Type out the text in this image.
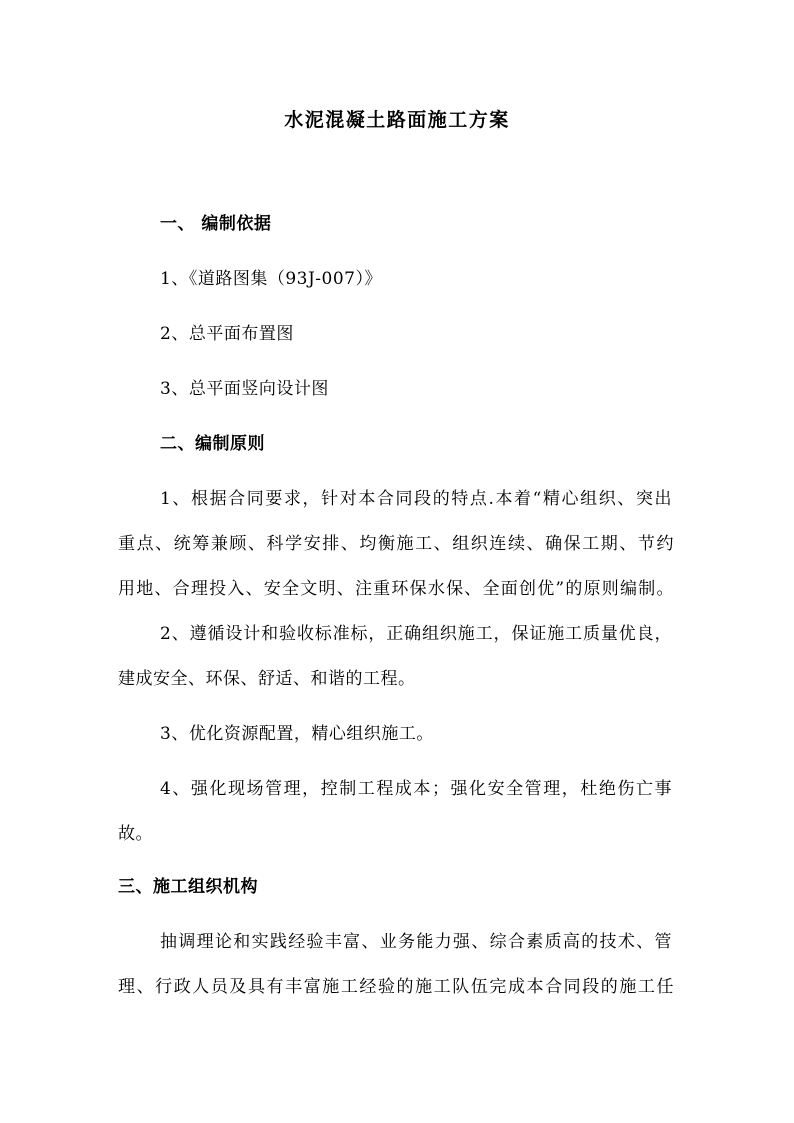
水泥混凝土路面施工方案
一、 编制依据
1、《道路图集（93J-007）》
2、总平面布置图
3、总平面竖向设计图
二、编制原则
1、根据合同要求，针对本合同段的特点.本着“精心组织、突出
重点、统筹兼顾、科学安排、均衡施工、组织连续、确保工期、节约
用地、合理投入、安全文明、注重环保水保、全面创优”的原则编制。
2、遵循设计和验收标准标，正确组织施工，保证施工质量优良，
建成安全、环保、舒适、和谐的工程。
3、优化资源配置，精心组织施工。
4、强化现场管理，控制工程成本；强化安全管理，杜绝伤亡事
故。
三、施工组织机构
抽调理论和实践经验丰富、业务能力强、综合素质高的技术、管
理、行政人员及具有丰富施工经验的施工队伍完成本合同段的施工任
